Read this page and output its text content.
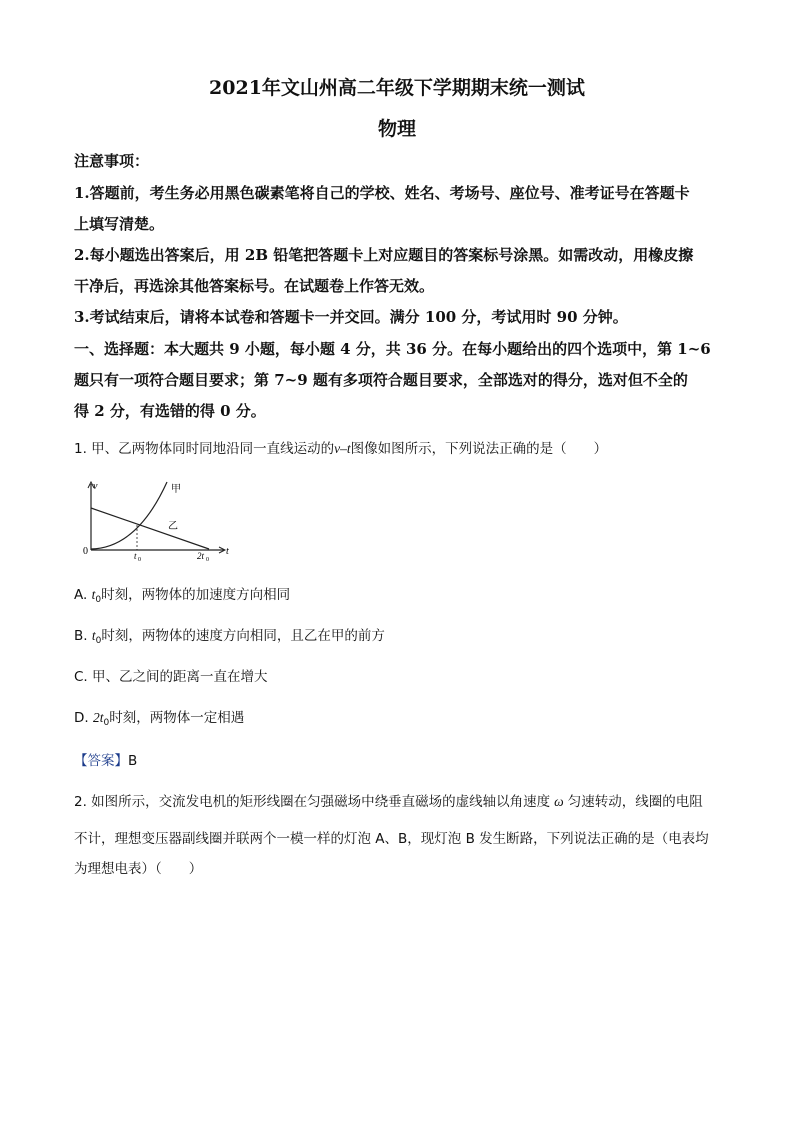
2021年文山州高二年级下学期期末统一测试
物理
注意事项：
1.答题前，考生务必用黑色碳素笔将自己的学校、姓名、考场号、座位号、准考证号在答题卡
上填写清楚。
2.每小题选出答案后，用 2B 铅笔把答题卡上对应题目的答案标号涂黑。如需改动，用橡皮擦
干净后，再选涂其他答案标号。在试题卷上作答无效。
3.考试结束后，请将本试卷和答题卡一并交回。满分 100 分，考试用时 90 分钟。
一、选择题：本大题共 9 小题，每小题 4 分，共 36 分。在每小题给出的四个选项中，第 1~6
题只有一项符合题目要求；第 7~9 题有多项符合题目要求，全部选对的得分，选对但不全的
得 2 分，有选错的得 0 分。
1. 甲、乙两物体同时同地沿同一直线运动的v–t图像如图所示，下列说法正确的是（　　）
v
t
0
甲
乙
t 0	2t 0
A. $t_0$时刻，两物体的加速度方向相同
B. $t_0$时刻，两物体的速度方向相同，且乙在甲的前方
C. 甲、乙之间的距离一直在增大
D. $2t_0$时刻，两物体一定相遇
【答案】B
2. 如图所示，交流发电机的矩形线圈在匀强磁场中绕垂直磁场的虚线轴以角速度 ω 匀速转动，线圈的电阻
不计，理想变压器副线圈并联两个一模一样的灯泡 A、B，现灯泡 B 发生断路，下列说法正确的是（电表均
为理想电表）（　　）
